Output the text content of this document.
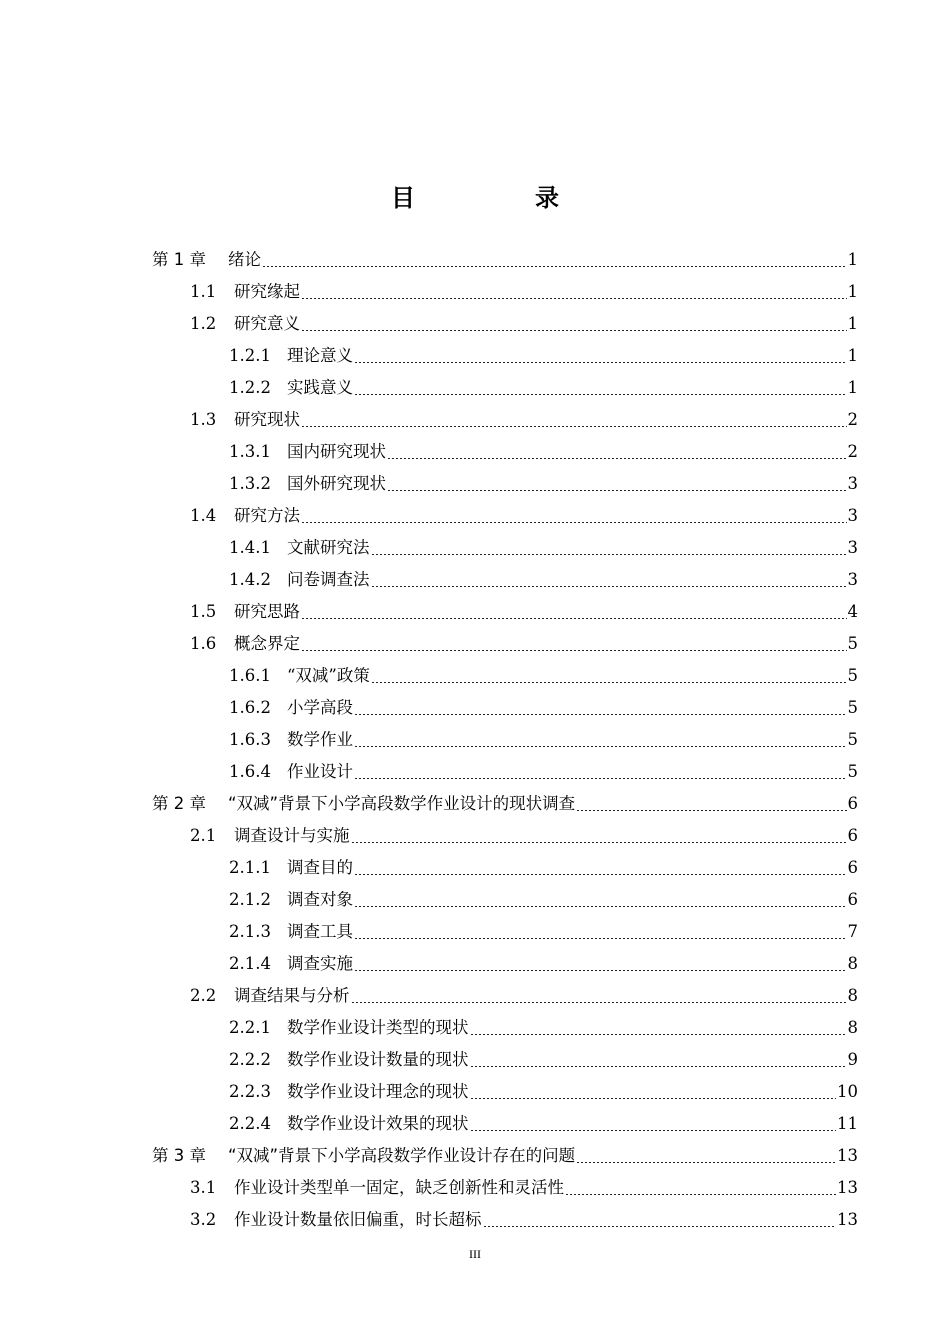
目　录
第 1 章	绪论	1
1.1	研究缘起	1
1.2	研究意义	1
1.2.1 理论意义	1
1.2.2 实践意义	1
1.3	研究现状	2
1.3.1 国内研究现状	2
1.3.2 国外研究现状	3
1.4	研究方法	3
1.4.1 文献研究法	3
1.4.2 问卷调查法	3
1.5	研究思路	4
1.6	概念界定	5
1.6.1 “双减”政策	5
1.6.2 小学高段	5
1.6.3 数学作业	5
1.6.4 作业设计	5
第 2 章	“双减”背景下小学高段数学作业设计的现状调查	6
2.1	调查设计与实施	6
2.1.1 调查目的	6
2.1.2 调查对象	6
2.1.3 调查工具	7
2.1.4 调查实施	8
2.2	调查结果与分析	8
2.2.1 数学作业设计类型的现状	8
2.2.2 数学作业设计数量的现状	9
2.2.3 数学作业设计理念的现状	10
2.2.4 数学作业设计效果的现状	11
第 3 章	“双减”背景下小学高段数学作业设计存在的问题	13
3.1	作业设计类型单一固定，缺乏创新性和灵活性	13
3.2	作业设计数量依旧偏重，时长超标	13
III
